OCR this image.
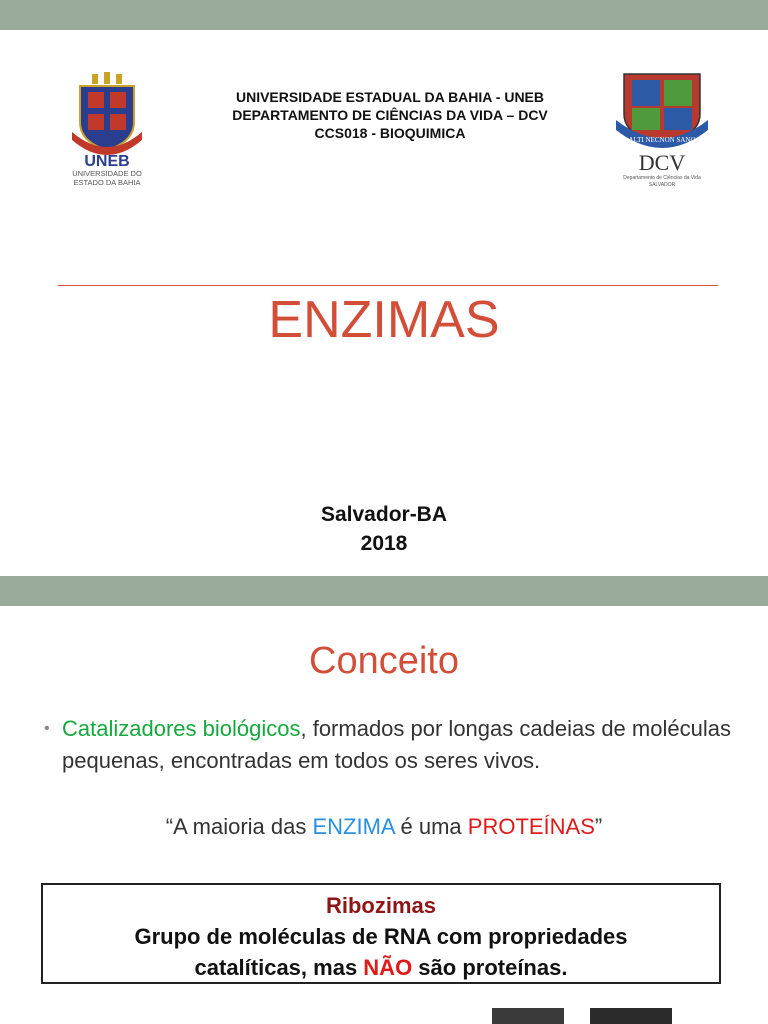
UNEB
UNIVERSIDADE DO
ESTADO DA BAHIA
UNIVERSIDADE ESTADUAL DA BAHIA - UNEB
DEPARTAMENTO DE CIÊNCIAS DA VIDA – DCV
CCS018 - BIOQUIMICA	ALTI NECNON SANO
DCV
Departamento de Ciências da Vida
SALVADOR
ENZIMAS
Salvador-BA
2018
Conceito
• Catalizadores biológicos, formados por longas cadeias de moléculas pequenas, encontradas em todos os seres vivos.
“A maioria das ENZIMA é uma PROTEÍNAS”
Ribozimas
Grupo de moléculas de RNA com propriedades
catalíticas, mas NÃO são proteínas.
